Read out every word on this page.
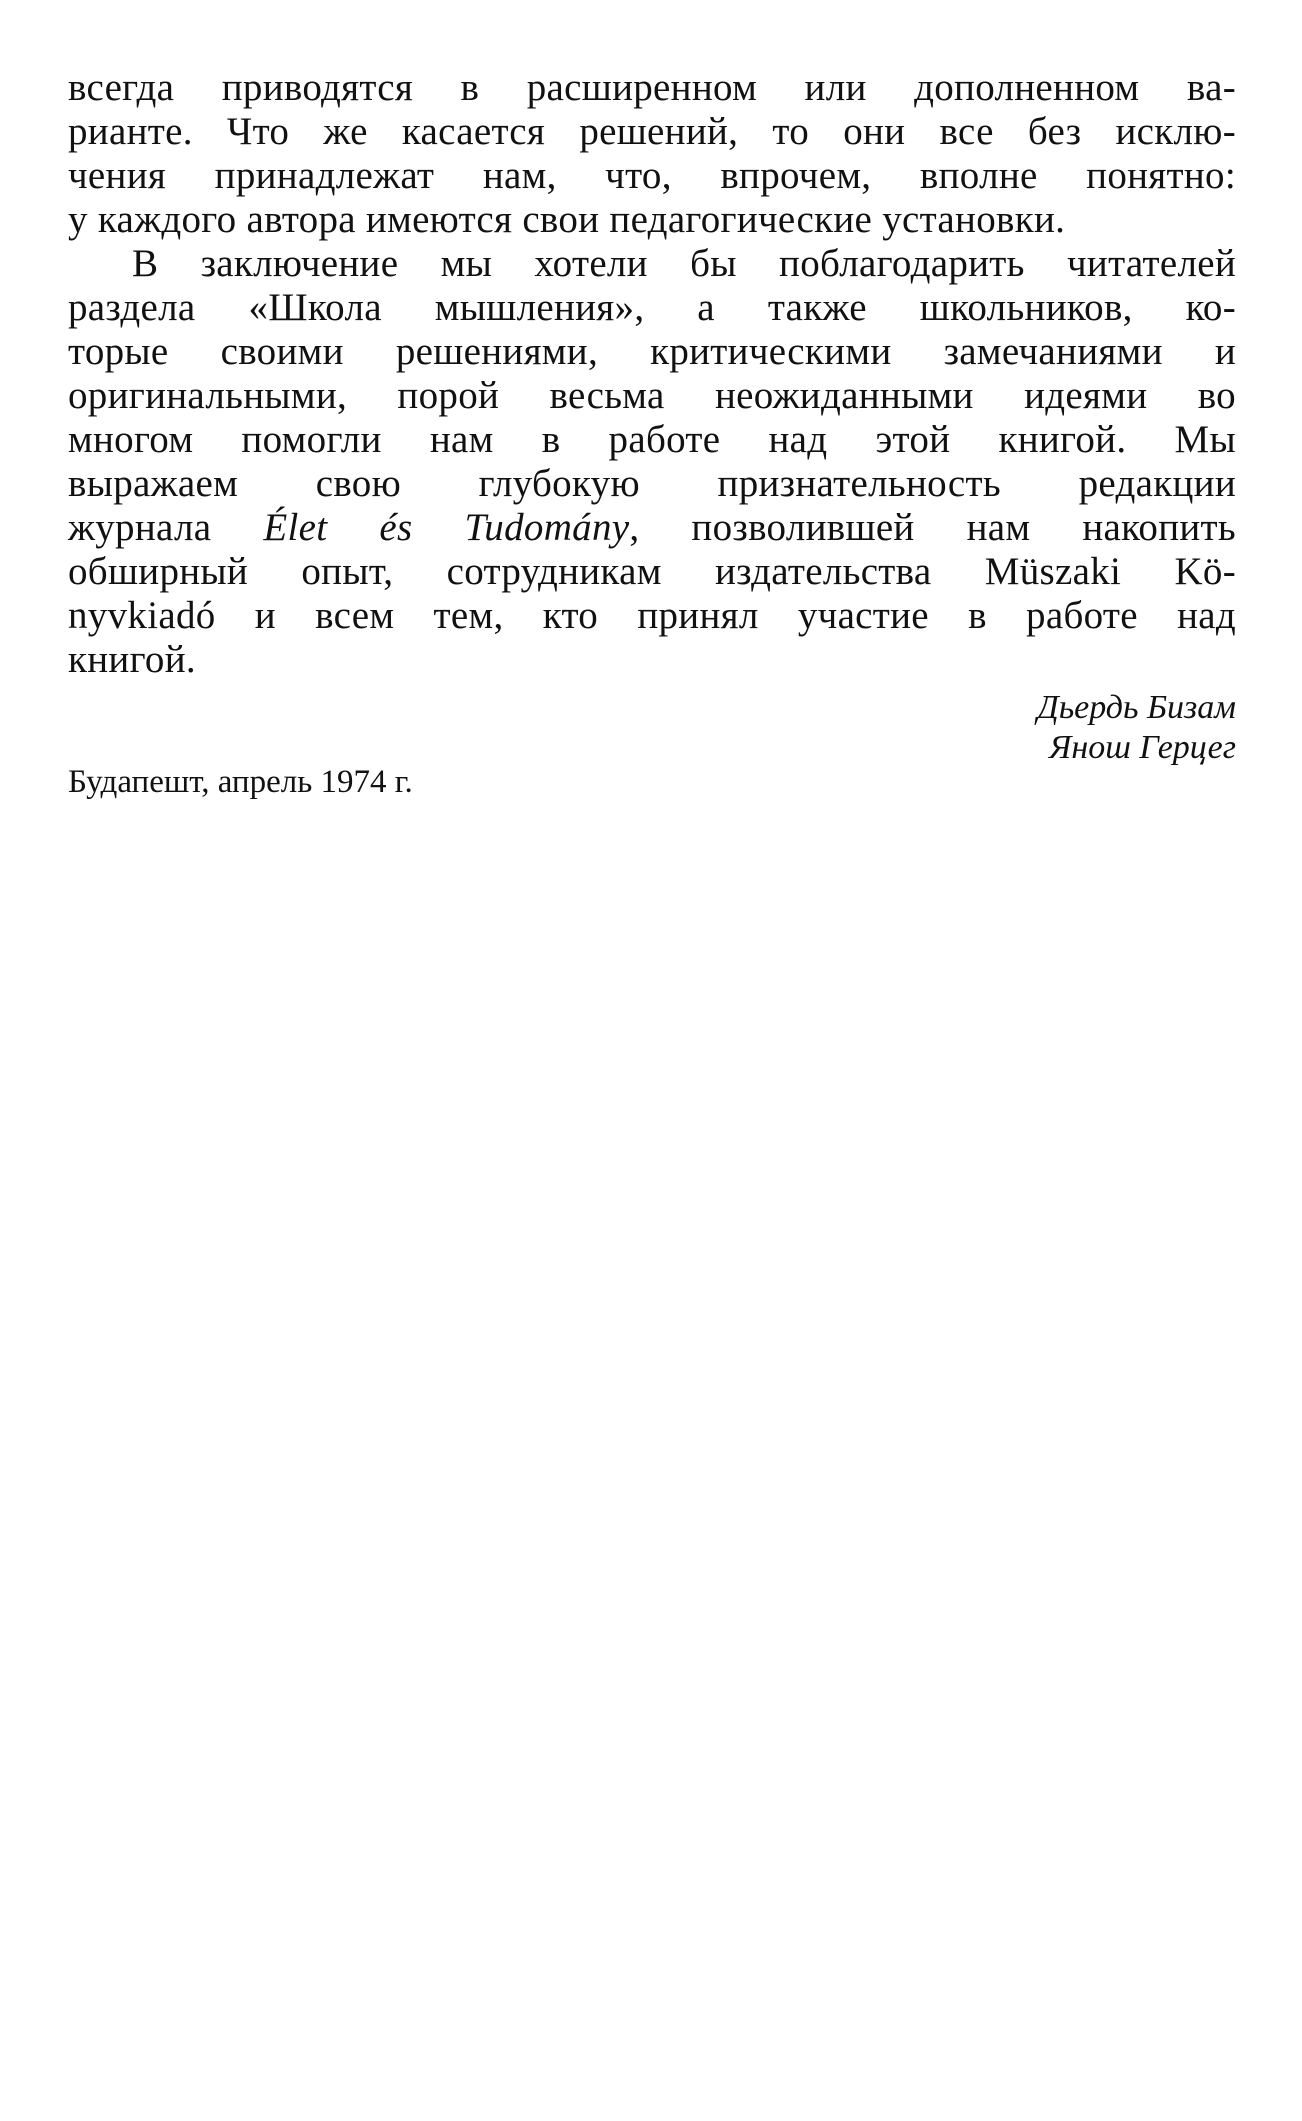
всегда приводятся в расширенном или дополненном ва-
рианте. Что же касается решений, то они все без исклю-
чения принадлежат нам, что, впрочем, вполне понятно:
у каждого автора имеются свои педагогические установки.
В заключение мы хотели бы поблагодарить читателей
раздела «Школа мышления», а также школьников, ко-
торые своими решениями, критическими замечаниями и
оригинальными, порой весьма неожиданными идеями во
многом помогли нам в работе над этой книгой. Мы
выражаем свою глубокую признательность редакции
журнала Élet és Tudomány, позволившей нам накопить
обширный опыт, сотрудникам издательства Müszaki Kö-
nyvkiadó и всем тем, кто принял участие в работе над
книгой.
Дьердь Бизам
Янош Герцег
Будапешт, апрель 1974 г.
